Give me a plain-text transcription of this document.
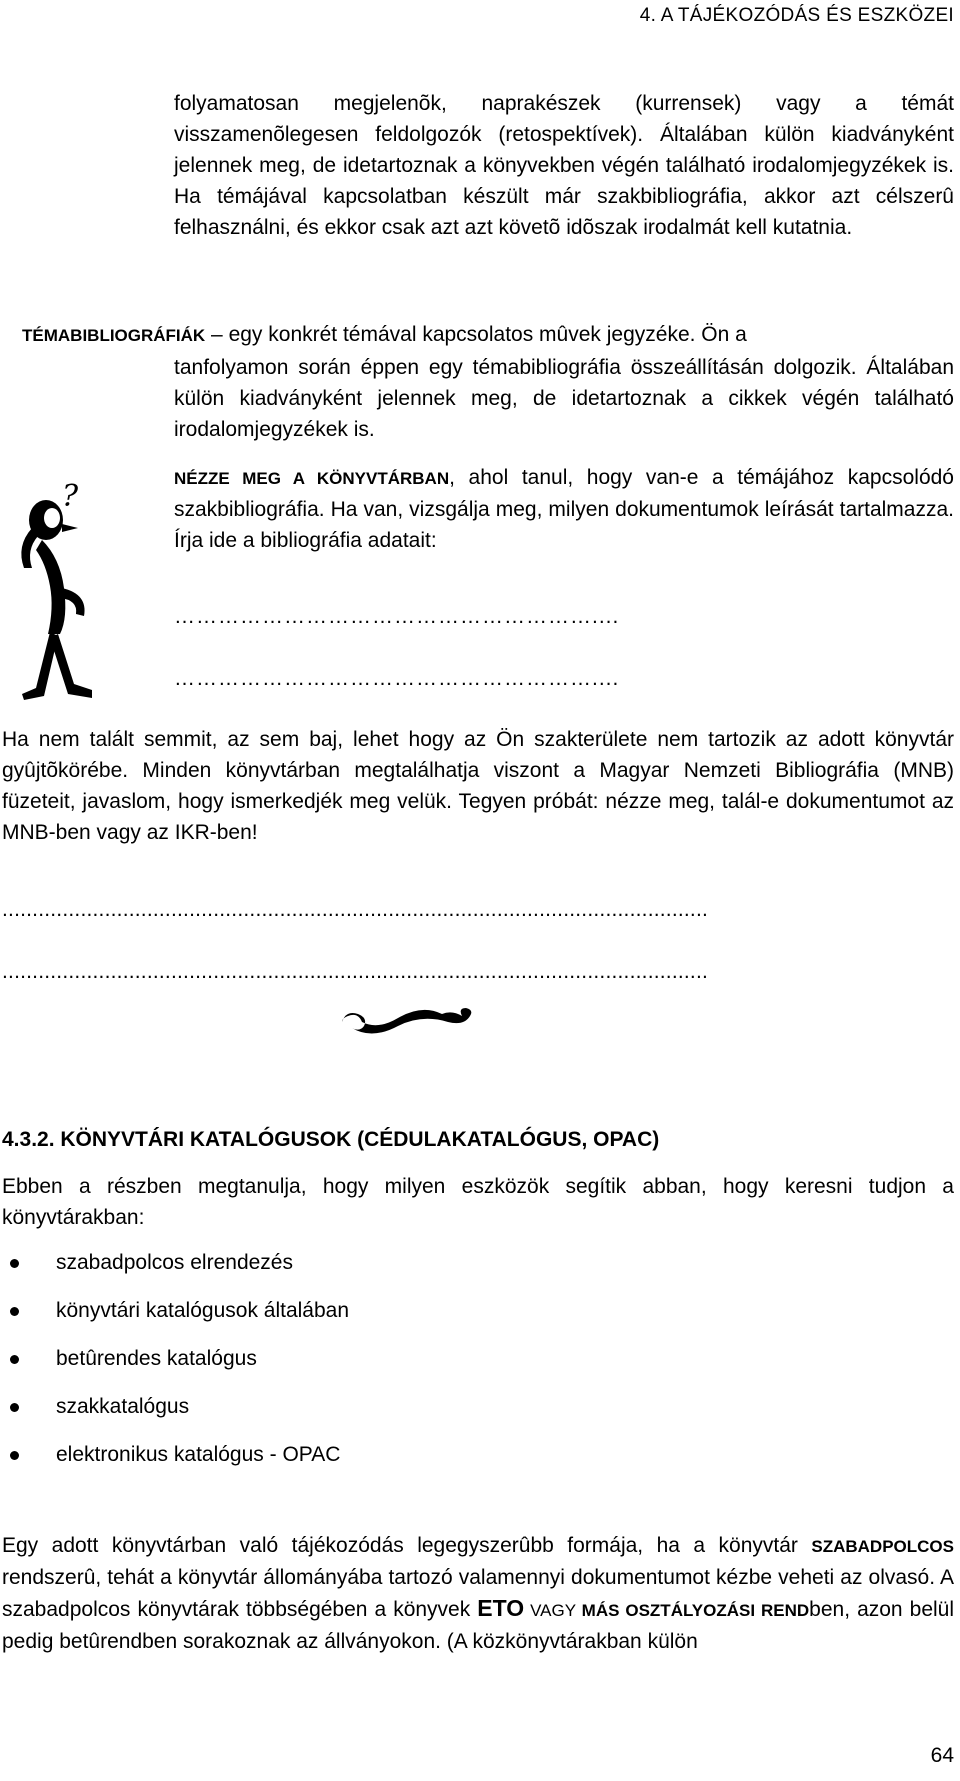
4. A TÁJÉKOZÓDÁS ÉS ESZKÖZEI
folyamatosan megjelenõk, naprakészek (kurrensek) vagy a témát visszamenõlegesen feldolgozók (retospektívek). Általában külön kiadványként jelennek meg, de idetartoznak a könyvekben végén található irodalomjegyzékek is. Ha témájával kapcsolatban készült már szakbibliográfia, akkor azt célszerû felhasználni, és ekkor csak azt azt követõ idõszak irodalmát kell kutatnia.
TÉMABIBLIOGRÁFIÁK – egy konkrét témával kapcsolatos mûvek jegyzéke. Ön a
tanfolyamon során éppen egy témabibliográfia összeállításán dolgozik. Általában külön kiadványként jelennek meg, de idetartoznak a cikkek végén található irodalomjegyzékek is.
?
NÉZZE MEG A KÖNYVTÁRBAN, ahol tanul, hogy van-e a témájához kapcsolódó szakbibliográfia. Ha van, vizsgálja meg, milyen dokumentumok leírását tartalmazza. Írja ide a bibliográfia adatait:
…………………………………………………....
…………………………………………………....
Ha nem talált semmit, az sem baj, lehet hogy az Ön szakterülete nem tartozik az adott könyvtár gyûjtõkörébe. Minden könyvtárban megtalálhatja viszont a Magyar Nemzeti Bibliográfia (MNB) füzeteit, javaslom, hogy ismerkedjék meg velük. Tegyen próbát: nézze meg, talál-e dokumentumot az MNB-ben vagy az IKR-ben!
.....................................................................................................................
.....................................................................................................................
4.3.2. KÖNYVTÁRI KATALÓGUSOK (CÉDULAKATALÓGUS, OPAC)
Ebben a részben megtanulja, hogy milyen eszközök segítik abban, hogy keresni tudjon a könyvtárakban:
szabadpolcos elrendezés
könyvtári katalógusok általában
betûrendes katalógus
szakkatalógus
elektronikus katalógus - OPAC
Egy adott könyvtárban való tájékozódás legegyszerûbb formája, ha a könyvtár SZABADPOLCOS rendszerû, tehát a könyvtár állományába tartozó valamennyi dokumentumot kézbe veheti az olvasó. A szabadpolcos könyvtárak többségében a könyvek ETO VAGY MÁS OSZTÁLYOZÁSI RENDben, azon belül pedig betûrendben sorakoznak az állványokon. (A közkönyvtárakban külön
64
